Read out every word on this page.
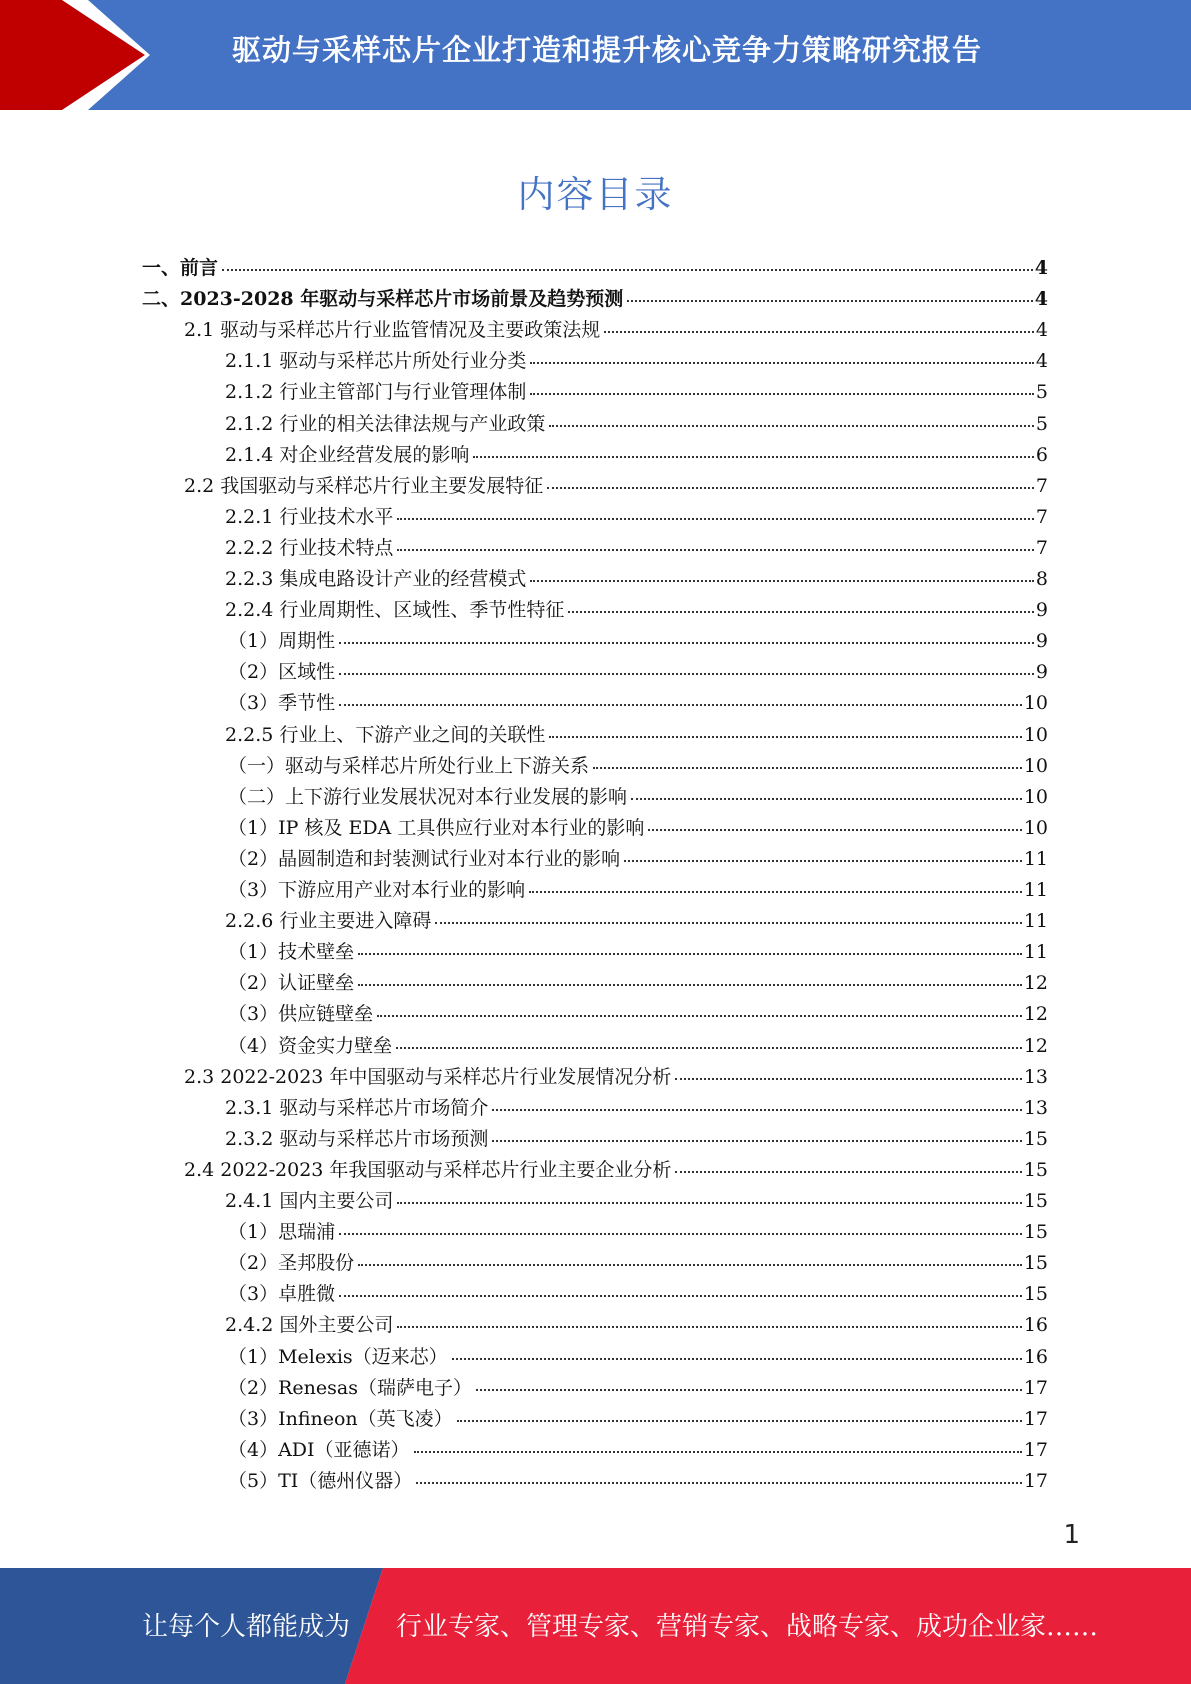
驱动与采样芯片企业打造和提升核心竞争力策略研究报告
内容目录
一、前言	4
二、2023-2028 年驱动与采样芯片市场前景及趋势预测	4
2.1 驱动与采样芯片行业监管情况及主要政策法规	4
2.1.1 驱动与采样芯片所处行业分类	4
2.1.2 行业主管部门与行业管理体制	5
2.1.2 行业的相关法律法规与产业政策	5
2.1.4 对企业经营发展的影响	6
2.2 我国驱动与采样芯片行业主要发展特征	7
2.2.1 行业技术水平	7
2.2.2 行业技术特点	7
2.2.3 集成电路设计产业的经营模式	8
2.2.4 行业周期性、区域性、季节性特征	9
（1）周期性	9
（2）区域性	9
（3）季节性	10
2.2.5 行业上、下游产业之间的关联性	10
（一）驱动与采样芯片所处行业上下游关系	10
（二）上下游行业发展状况对本行业发展的影响	10
（1）IP 核及 EDA 工具供应行业对本行业的影响	10
（2）晶圆制造和封装测试行业对本行业的影响	11
（3）下游应用产业对本行业的影响	11
2.2.6 行业主要进入障碍	11
（1）技术壁垒	11
（2）认证壁垒	12
（3）供应链壁垒	12
（4）资金实力壁垒	12
2.3 2022-2023 年中国驱动与采样芯片行业发展情况分析	13
2.3.1 驱动与采样芯片市场简介	13
2.3.2 驱动与采样芯片市场预测	15
2.4 2022-2023 年我国驱动与采样芯片行业主要企业分析	15
2.4.1 国内主要公司	15
（1）思瑞浦	15
（2）圣邦股份	15
（3）卓胜微	15
2.4.2 国外主要公司	16
（1）Melexis（迈来芯）	16
（2）Renesas（瑞萨电子）	17
（3）Infineon（英飞凌）	17
（4）ADI（亚德诺）	17
（5）TI（德州仪器）	17
1
让每个人都能成为 行业专家、管理专家、营销专家、战略专家、成功企业家……
